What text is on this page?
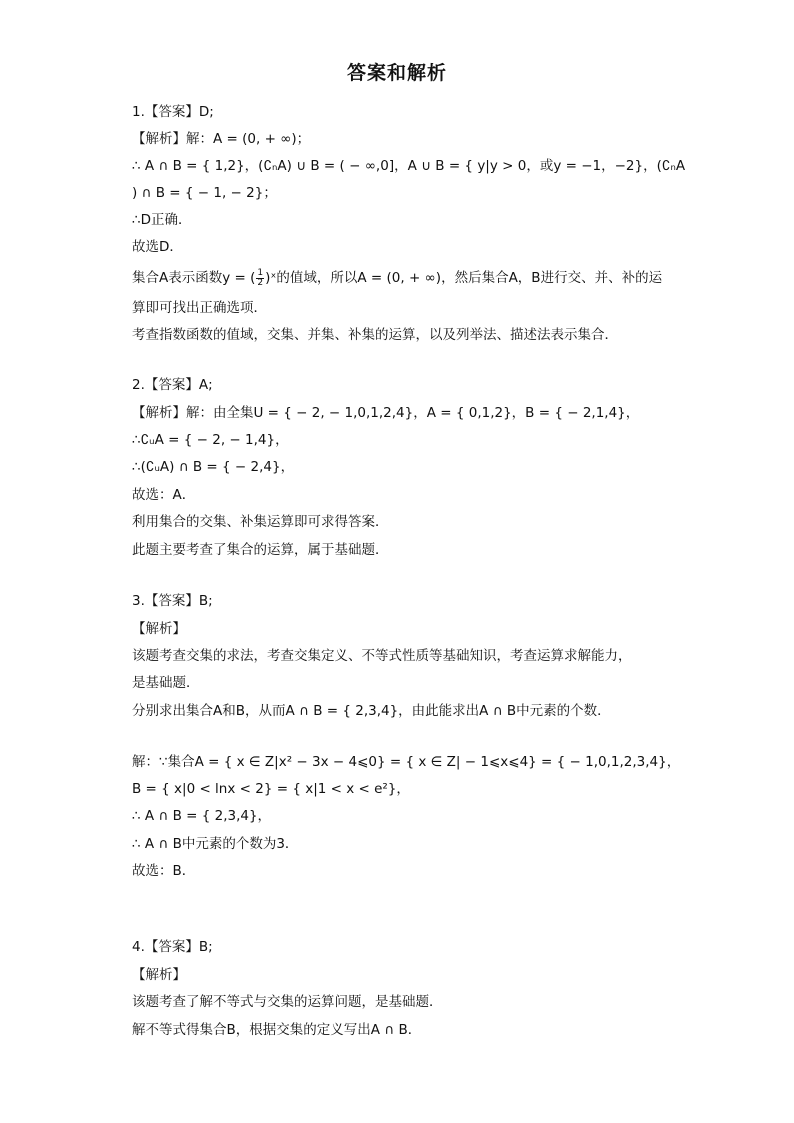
答案和解析
1.【答案】D;
【解析】解：A = (0, + ∞)；
∴ A ∩ B = { 1,2}，(∁ₙA) ∪ B = ( − ∞,0]，A ∪ B = { y|y > 0，或y = −1，−2}，(∁ₙA
) ∩ B = { − 1, − 2}；
∴D正确．
故选D．
集合A表示函数y = ( $\frac{1}{2}$ )ˣ的值域，所以A = (0, + ∞)，然后集合A，B进行交、并、补的运
算即可找出正确选项．
考查指数函数的值域，交集、并集、补集的运算，以及列举法、描述法表示集合．
2.【答案】A;
【解析】解：由全集U = { − 2, − 1,0,1,2,4}，A = { 0,1,2}，B = { − 2,1,4}，
∴∁ᵤA = { − 2, − 1,4}，
∴(∁ᵤA) ∩ B = { − 2,4}，
故选：A．
利用集合的交集、补集运算即可求得答案．
此题主要考查了集合的运算，属于基础题．
3.【答案】B;
【解析】
该题考查交集的求法，考查交集定义、不等式性质等基础知识，考查运算求解能力，
是基础题．
分别求出集合A和B，从而A ∩ B = { 2,3,4}，由此能求出A ∩ B中元素的个数．
解：∵集合A = { x ∈ Z|x² − 3x − 4⩽0} = { x ∈ Z| − 1⩽x⩽4} = { − 1,0,1,2,3,4}，
B = { x|0 < lnx < 2} = { x|1 < x < e²}，
∴ A ∩ B = { 2,3,4}，
∴ A ∩ B中元素的个数为3．
故选：B．
4.【答案】B;
【解析】
该题考查了解不等式与交集的运算问题，是基础题．
解不等式得集合B，根据交集的定义写出A ∩ B．
